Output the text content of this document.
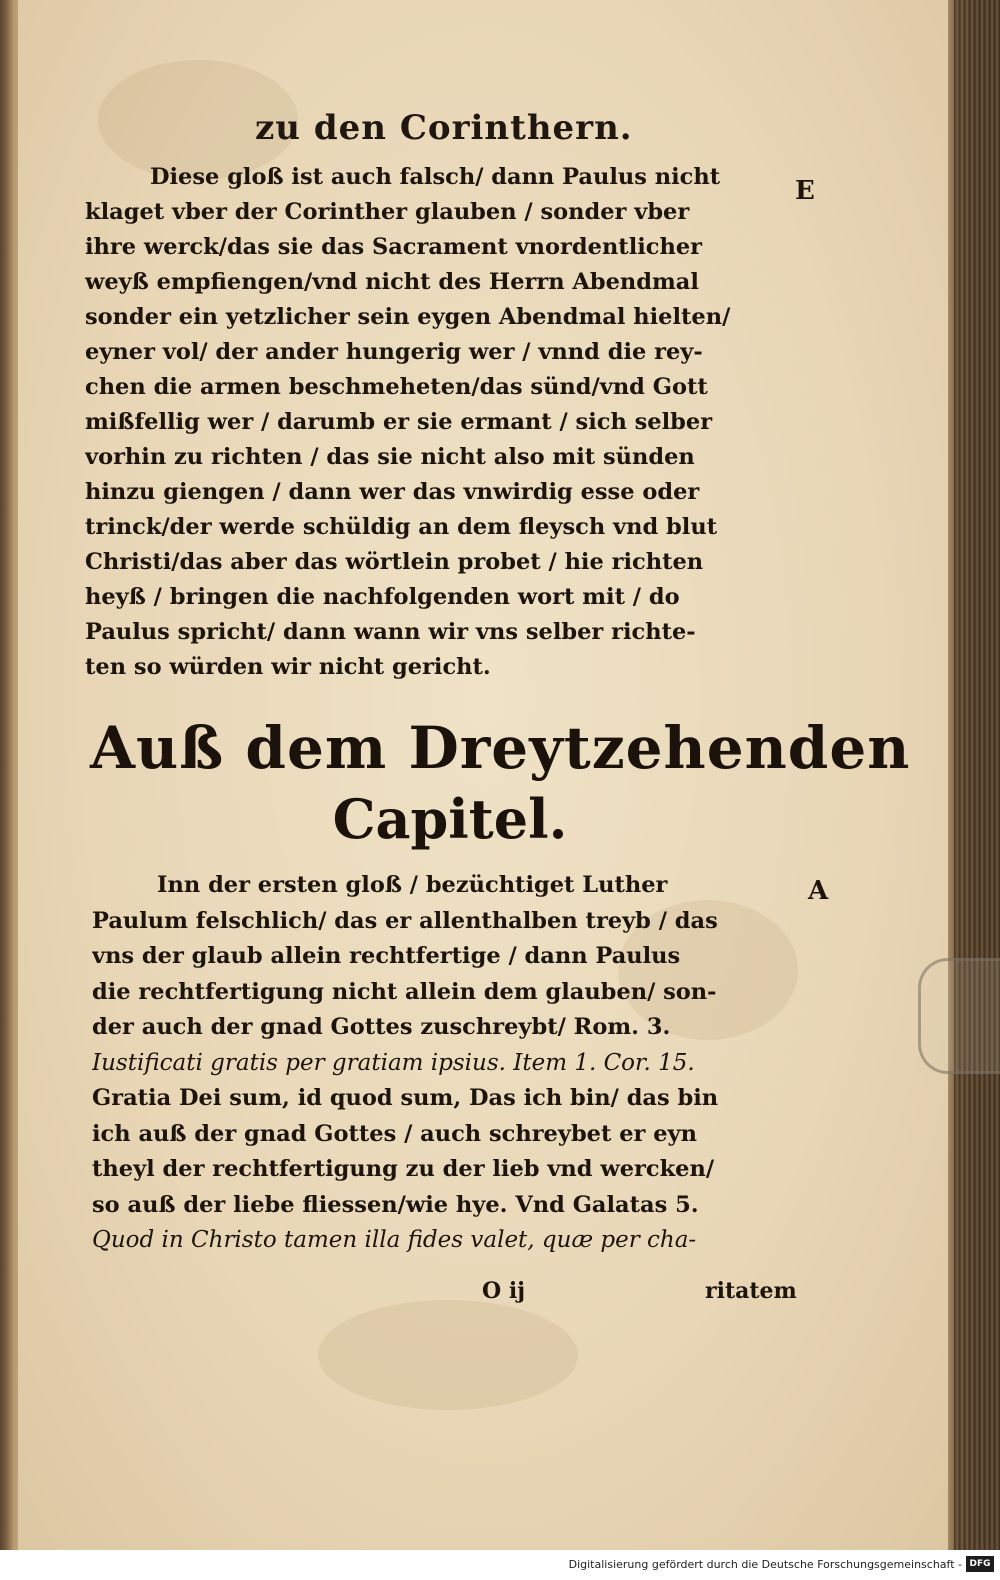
zu den Corinthern.
E
Diese gloß ist auch falsch/ dann Paulus nicht
klaget vber der Corinther glauben / sonder vber
ihre werck/das sie das Sacrament vnordentlicher
weyß empfiengen/vnd nicht des Herrn Abendmal
sonder ein yetzlicher sein eygen Abendmal hielten/
eyner vol/ der ander hungerig wer / vnnd die rey-
chen die armen beschmeheten/das sünd/vnd Gott
mißfellig wer / darumb er sie ermant / sich selber
vorhin zu richten / das sie nicht also mit sünden
hinzu giengen / dann wer das vnwirdig esse oder
trinck/der werde schüldig an dem fleysch vnd blut
Christi/das aber das wörtlein probet / hie richten
heyß / bringen die nachfolgenden wort mit / do
Paulus spricht/ dann wann wir vns selber richte-
ten so würden wir nicht gericht.
Auß dem Dreytzehenden
Capitel.
A
Inn der ersten gloß / bezüchtiget Luther
Paulum felschlich/ das er allenthalben treyb / das
vns der glaub allein rechtfertige / dann Paulus
die rechtfertigung nicht allein dem glauben/ son-
der auch der gnad Gottes zuschreybt/ Rom. 3.
Iustificati gratis per gratiam ipsius. Item 1. Cor. 15.
Gratia Dei sum, id quod sum, Das ich bin/ das bin
ich auß der gnad Gottes / auch schreybet er eyn
theyl der rechtfertigung zu der lieb vnd wercken/
so auß der liebe fliessen/wie hye. Vnd Galatas 5.
Quod in Christo tamen illa fides valet, quæ per cha-
O ij	ritatem
Digitalisierung gefördert durch die Deutsche Forschungsgemeinschaft - DFG
